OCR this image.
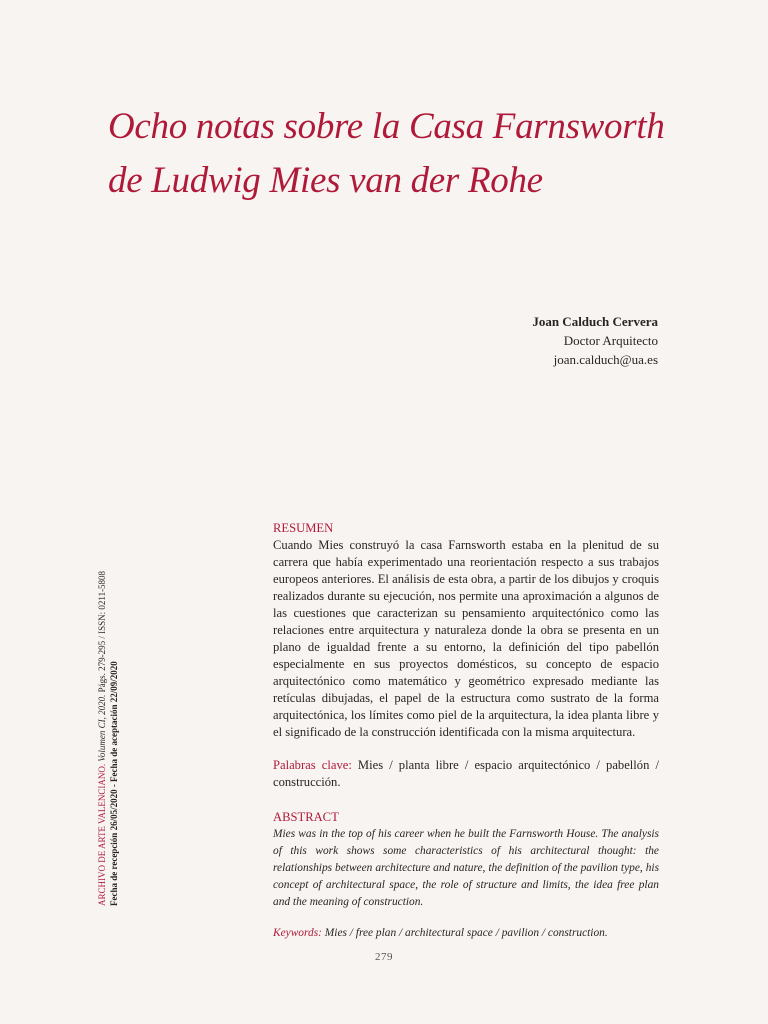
Ocho notas sobre la Casa Farnsworth
de Ludwig Mies van der Rohe
Joan Calduch Cervera
Doctor Arquitecto
joan.calduch@ua.es
ARCHIVO DE ARTE VALENCIANO. Volumen CI, 2020. Págs. 279-295 / ISSN: 0211-5808
Fecha de recepción 26/05/2020 - Fecha de aceptación 22/09/2020
RESUMEN

Cuando Mies construyó la casa Farnsworth estaba en la plenitud de su carrera que había experimentado una reorientación respecto a sus trabajos europeos anteriores. El análisis de esta obra, a partir de los dibujos y croquis realizados durante su ejecución, nos permite una aproximación a algunos de las cuestiones que caracterizan su pensamiento arquitectónico como las relaciones entre arquitectura y naturaleza donde la obra se presenta en un plano de igualdad frente a su entorno, la definición del tipo pabellón especialmente en sus proyectos domésticos, su concepto de espacio arquitectónico como matemático y geométrico expresado mediante las retículas dibujadas, el papel de la estructura como sustrato de la forma arquitectónica, los límites como piel de la arquitectura, la idea planta libre y el significado de la construcción identificada con la misma arquitectura.

Palabras clave: Mies / planta libre / espacio arquitectónico / pabellón / construcción.
ABSTRACT

Mies was in the top of his career when he built the Farnsworth House. The analysis of this work shows some characteristics of his architectural thought: the relationships between architecture and nature, the definition of the pavilion type, his concept of architectural space, the role of structure and limits, the idea free plan and the meaning of construction.

Keywords: Mies / free plan / architectural space / pavilion / construction.
279
